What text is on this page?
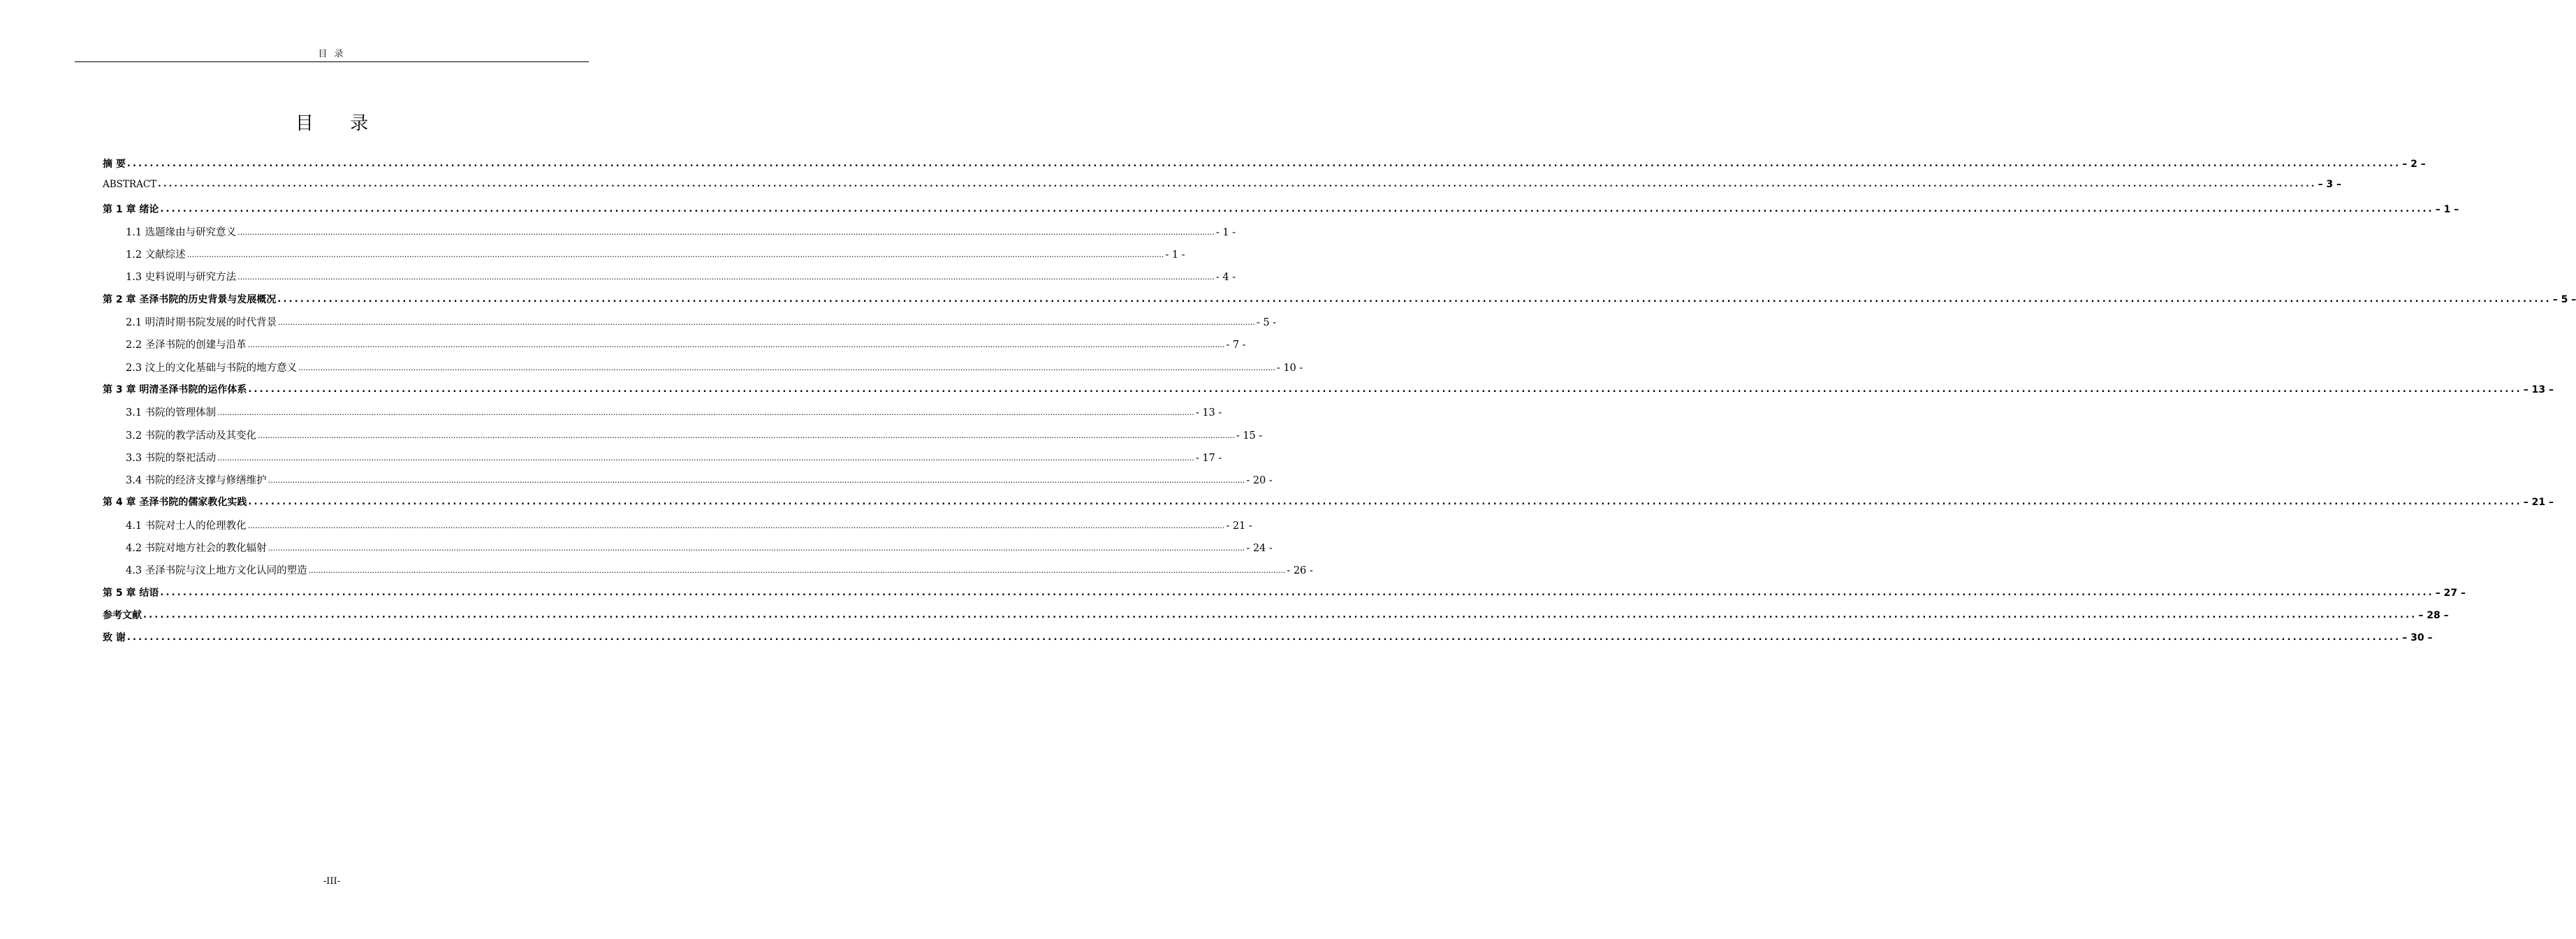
目 录
目 录
摘 要 ................................................................................................................................................................................................................................................................................................................................................................................................................ – 2 –
ABSTRACT ................................................................................................................................................................................................................................................................................................................................................................................................................ – 3 –
第 1 章 绪论 ................................................................................................................................................................................................................................................................................................................................................................................................................ – 1 –
1.1 选题缘由与研究意义 ................................................................................................................................................................................................................................................................................................................................................................................................................ - 1 -
1.2 文献综述 ................................................................................................................................................................................................................................................................................................................................................................................................................ - 1 -
1.3 史料说明与研究方法 ................................................................................................................................................................................................................................................................................................................................................................................................................ - 4 -
第 2 章 圣泽书院的历史背景与发展概况 ................................................................................................................................................................................................................................................................................................................................................................................................................ – 5 –
2.1 明清时期书院发展的时代背景 ................................................................................................................................................................................................................................................................................................................................................................................................................ - 5 -
2.2 圣泽书院的创建与沿革 ................................................................................................................................................................................................................................................................................................................................................................................................................ - 7 -
2.3 汶上的文化基础与书院的地方意义 ................................................................................................................................................................................................................................................................................................................................................................................................................ - 10 -
第 3 章 明清圣泽书院的运作体系 ................................................................................................................................................................................................................................................................................................................................................................................................................ – 13 –
3.1 书院的管理体制 ................................................................................................................................................................................................................................................................................................................................................................................................................ - 13 -
3.2 书院的教学活动及其变化 ................................................................................................................................................................................................................................................................................................................................................................................................................ - 15 -
3.3 书院的祭祀活动 ................................................................................................................................................................................................................................................................................................................................................................................................................ - 17 -
3.4 书院的经济支撑与修缮维护 ................................................................................................................................................................................................................................................................................................................................................................................................................ - 20 -
第 4 章 圣泽书院的儒家教化实践 ................................................................................................................................................................................................................................................................................................................................................................................................................ – 21 –
4.1 书院对士人的伦理教化 ................................................................................................................................................................................................................................................................................................................................................................................................................ - 21 -
4.2 书院对地方社会的教化辐射 ................................................................................................................................................................................................................................................................................................................................................................................................................ - 24 -
4.3 圣泽书院与汶上地方文化认同的塑造 ................................................................................................................................................................................................................................................................................................................................................................................................................ - 26 -
第 5 章 结语 ................................................................................................................................................................................................................................................................................................................................................................................................................ – 27 –
参考文献 ................................................................................................................................................................................................................................................................................................................................................................................................................ – 28 –
致 谢 ................................................................................................................................................................................................................................................................................................................................................................................................................ – 30 –
-III-
